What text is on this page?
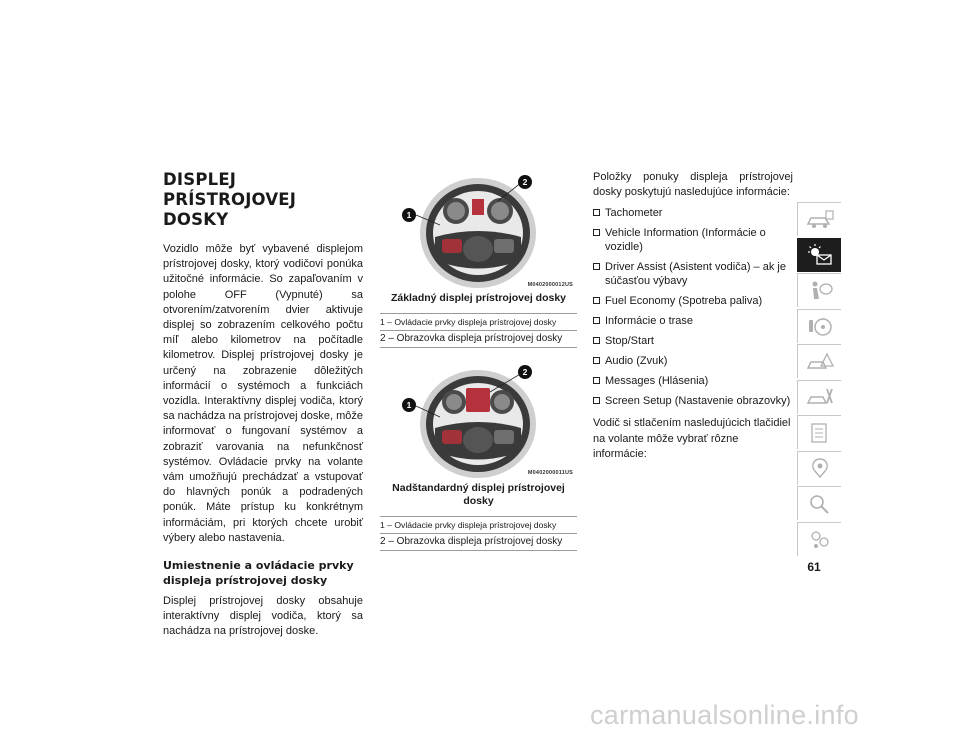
DISPLEJ PRÍSTROJOVEJ DOSKY

Vozidlo môže byť vybavené displejom prístrojovej dosky, ktorý vodičovi ponúka užitočné informácie. So zapaľovaním v polohe OFF (Vypnuté) sa otvorením/zatvorením dvier aktivuje displej so zobrazením celkového počtu míľ alebo kilometrov na počítadle kilometrov. Displej prístrojovej dosky je určený na zobrazenie dôležitých informácií o systémoch a funkciách vozidla. Interaktívny displej vodiča, ktorý sa nachádza na prístrojovej doske, môže informovať o fungovaní systémov a zobraziť varovania na nefunkčnosť systémov. Ovládacie prvky na volante vám umožňujú prechádzať a vstupovať do hlavných ponúk a podradených ponúk. Máte prístup ku konkrétnym informáciám, pri ktorých chcete urobiť výbery alebo nastavenia.

Umiestnenie a ovládacie prvky displeja prístrojovej dosky

Displej prístrojovej dosky obsahuje interaktívny displej vodiča, ktorý sa nachádza na prístrojovej doske.

1
2
M0402000012US
Základný displej prístrojovej dosky
1 – Ovládacie prvky displeja prístrojovej dosky
2 – Obrazovka displeja prístrojovej dosky
1
2
M0402000011US
Nadštandardný displej prístrojovej dosky
1 – Ovládacie prvky displeja prístrojovej dosky
2 – Obrazovka displeja prístrojovej dosky

Položky ponuky displeja prístrojovej dosky poskytujú nasledujúce informácie:

Tachometer
Vehicle Information (Informácie o vozidle)
Driver Assist (Asistent vodiča) – ak je súčasťou výbavy
Fuel Economy (Spotreba paliva)
Informácie o trase
Stop/Start
Audio (Zvuk)
Messages (Hlásenia)
Screen Setup (Nastavenie obrazovky)

Vodič si stlačením nasledujúcich tlačidiel na volante môže vybrať rôzne informácie:

61
carmanualsonline.info
